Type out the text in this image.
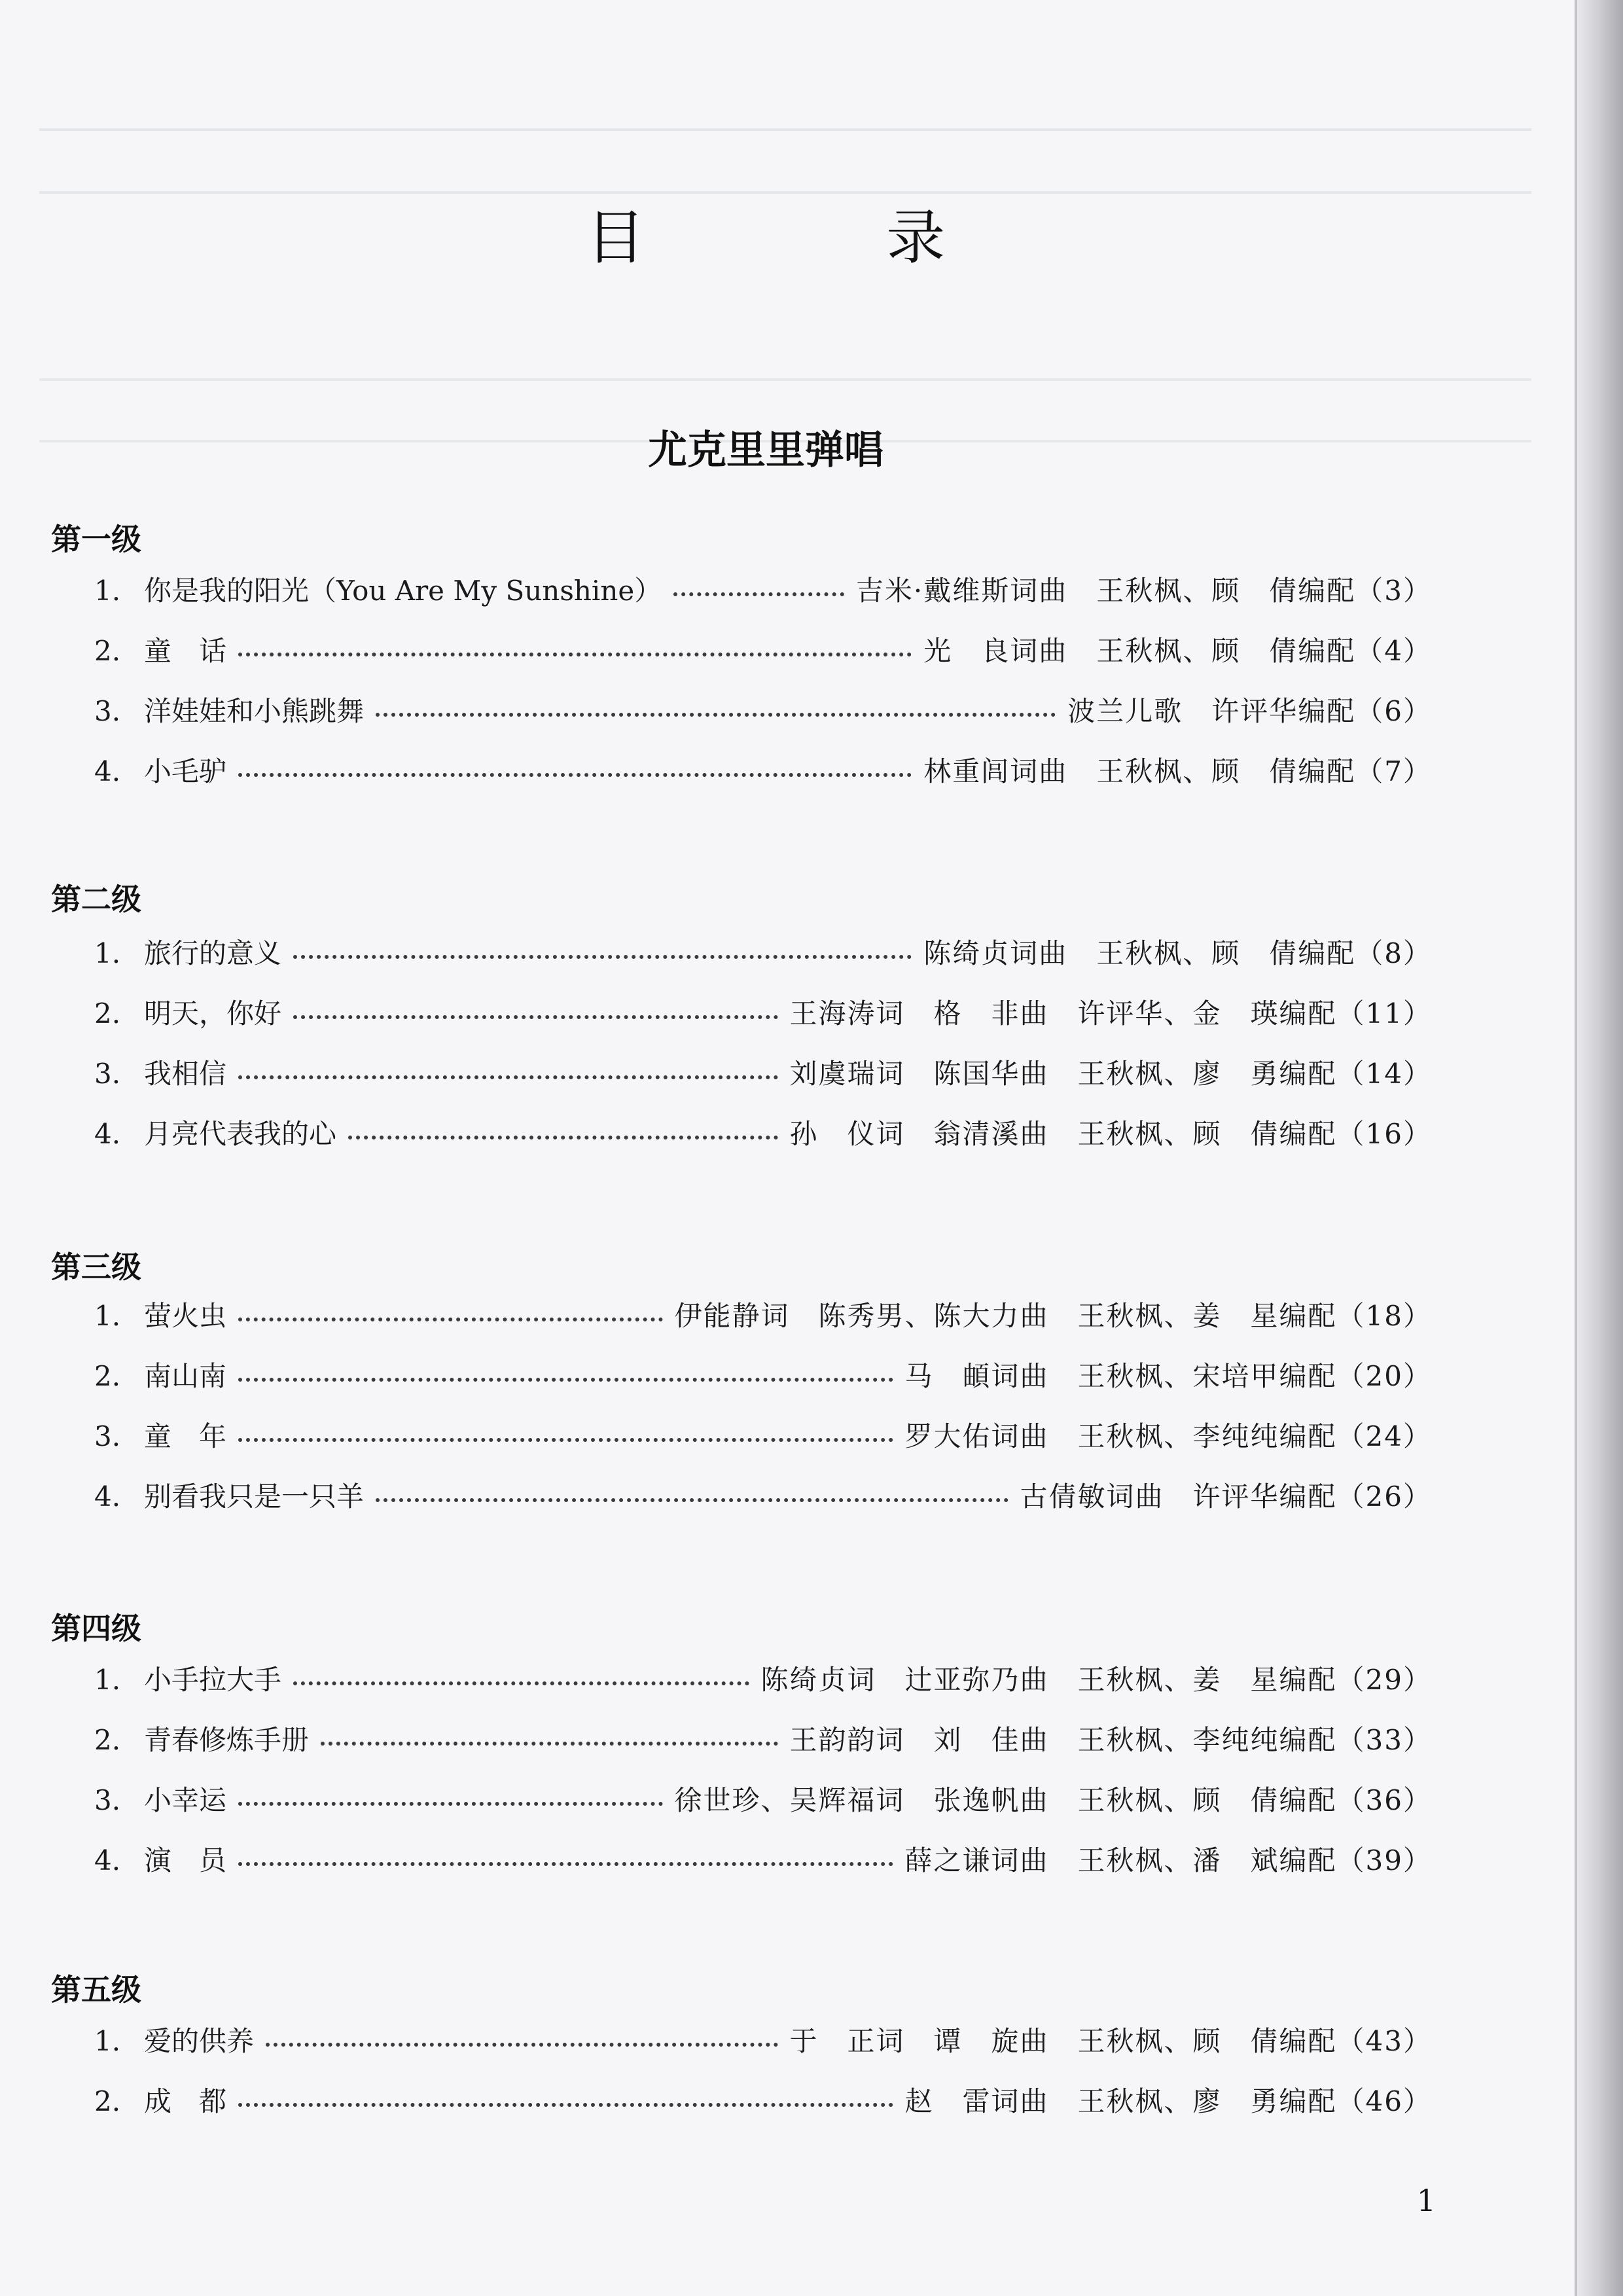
目 录
尤克里里弹唱
第一级
1. 你是我的阳光（You Are My Sunshine）	吉米·戴维斯词曲　王秋枫、顾　倩编配（3）
2. 童　话	光　良词曲　王秋枫、顾　倩编配（4）
3. 洋娃娃和小熊跳舞	波兰儿歌　许评华编配（6）
4. 小毛驴	林重闾词曲　王秋枫、顾　倩编配（7）
第二级
1. 旅行的意义	陈绮贞词曲　王秋枫、顾　倩编配（8）
2. 明天，你好	王海涛词　格　非曲　许评华、金　瑛编配（11）
3. 我相信	刘虞瑞词　陈国华曲　王秋枫、廖　勇编配（14）
4. 月亮代表我的心	孙　仪词　翁清溪曲　王秋枫、顾　倩编配（16）
第三级
1. 萤火虫	伊能静词　陈秀男、陈大力曲　王秋枫、姜　星编配（18）
2. 南山南	马　頔词曲　王秋枫、宋培甲编配（20）
3. 童　年	罗大佑词曲　王秋枫、李纯纯编配（24）
4. 别看我只是一只羊	古倩敏词曲　许评华编配（26）
第四级
1. 小手拉大手	陈绮贞词　辻亚弥乃曲　王秋枫、姜　星编配（29）
2. 青春修炼手册	王韵韵词　刘　佳曲　王秋枫、李纯纯编配（33）
3. 小幸运	徐世珍、吴辉福词　张逸帆曲　王秋枫、顾　倩编配（36）
4. 演　员	薛之谦词曲　王秋枫、潘　斌编配（39）
第五级
1. 爱的供养	于　正词　谭　旋曲　王秋枫、顾　倩编配（43）
2. 成　都	赵　雷词曲　王秋枫、廖　勇编配（46）
1
